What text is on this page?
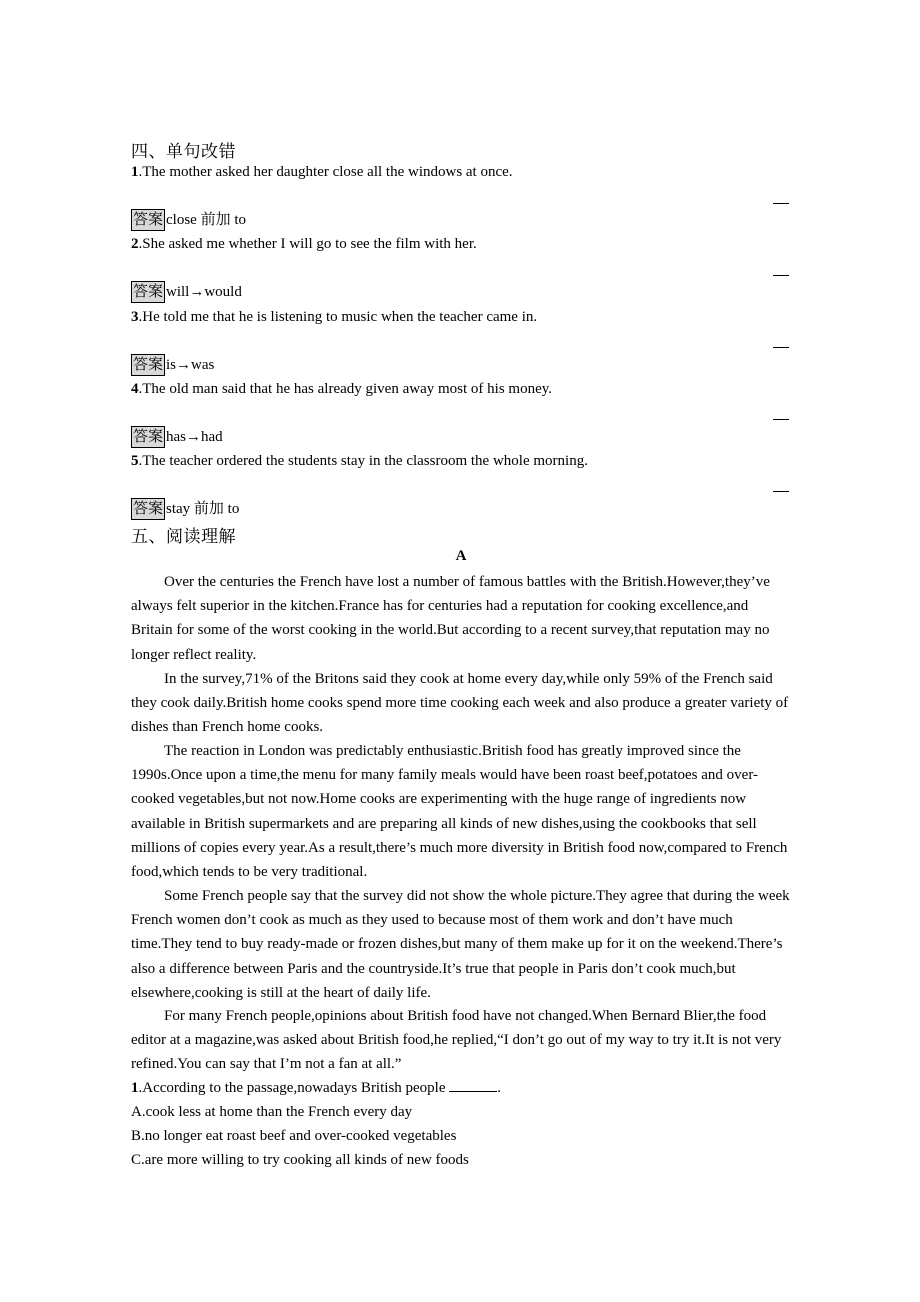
四、单句改错
1.The mother asked her daughter close all the windows at once.
答案 close 前加 to
2.She asked me whether I will go to see the film with her.
答案 will→would
3.He told me that he is listening to music when the teacher came in.
答案 is→was
4.The old man said that he has already given away most of his money.
答案 has→had
5.The teacher ordered the students stay in the classroom the whole morning.
答案 stay 前加 to
五、阅读理解
A
Over the centuries the French have lost a number of famous battles with the British.However,they’ve always felt superior in the kitchen.France has for centuries had a reputation for cooking excellence,and Britain for some of the worst cooking in the world.But according to a recent survey,that reputation may no longer reflect reality.
In the survey,71% of the Britons said they cook at home every day,while only 59% of the French said they cook daily.British home cooks spend more time cooking each week and also produce a greater variety of dishes than French home cooks.
The reaction in London was predictably enthusiastic.British food has greatly improved since the 1990s.Once upon a time,the menu for many family meals would have been roast beef,potatoes and over-cooked vegetables,but not now.Home cooks are experimenting with the huge range of ingredients now available in British supermarkets and are preparing all kinds of new dishes,using the cookbooks that sell millions of copies every year.As a result,there’s much more diversity in British food now,compared to French food,which tends to be very traditional.
Some French people say that the survey did not show the whole picture.They agree that during the week French women don’t cook as much as they used to because most of them work and don’t have much time.They tend to buy ready-made or frozen dishes,but many of them make up for it on the weekend.There’s also a difference between Paris and the countryside.It’s true that people in Paris don’t cook much,but elsewhere,cooking is still at the heart of daily life.
For many French people,opinions about British food have not changed.When Bernard Blier,the food editor at a magazine,was asked about British food,he replied,“I don’t go out of my way to try it.It is not very refined.You can say that I’m not a fan at all.”
1.According to the passage,nowadays British people	.
A.cook less at home than the French every day
B.no longer eat roast beef and over-cooked vegetables
C.are more willing to try cooking all kinds of new foods
